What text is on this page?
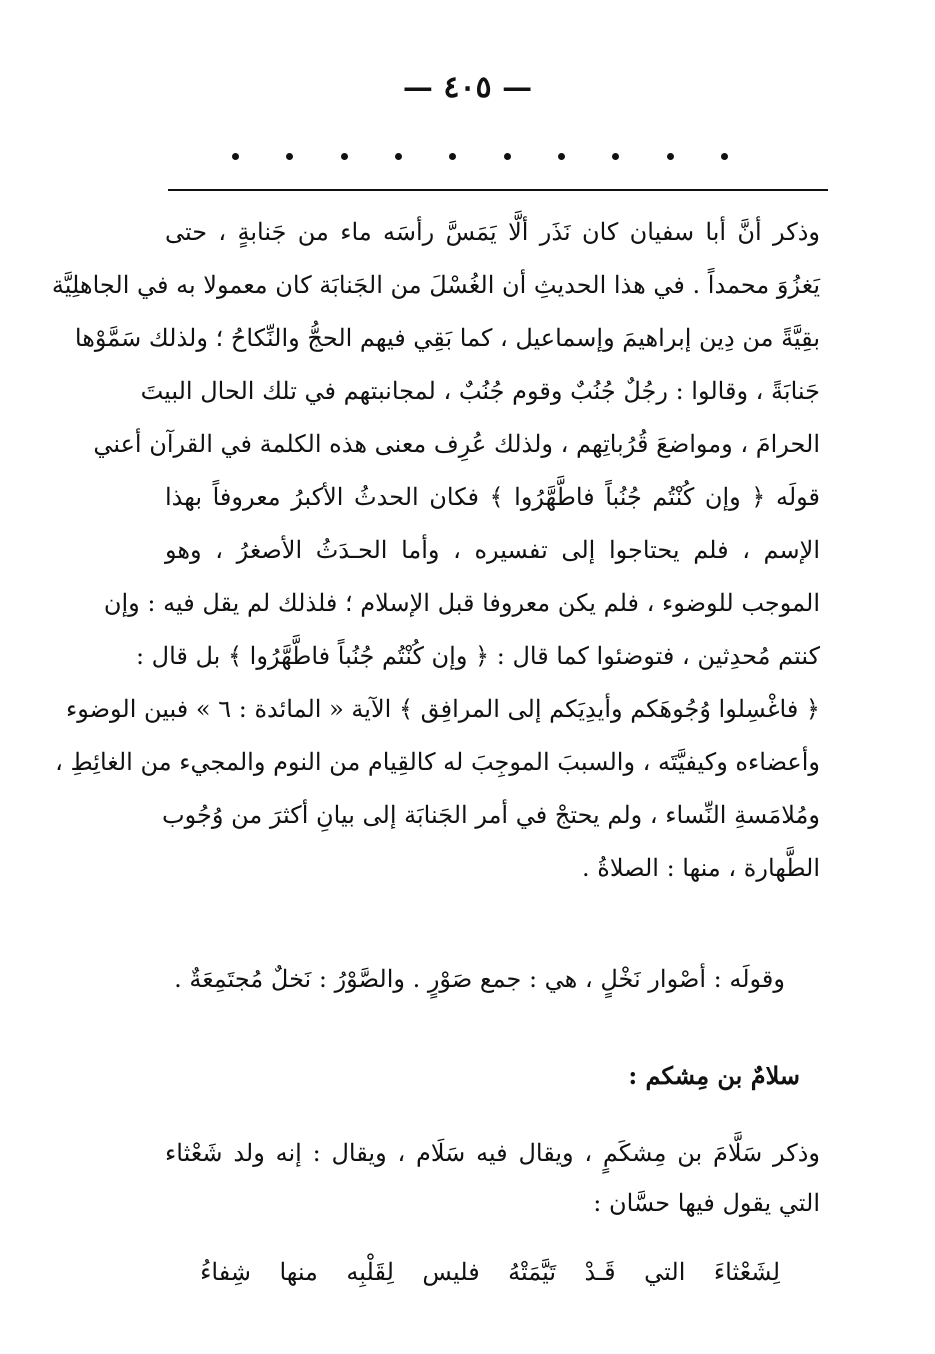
— ٤٠٥ —
وذكر أنَّ أبا سفيان كان نَذَر ألَّا يَمَسَّ رأسَه ماء من جَنابةٍ ، حتى
يَغزُوَ محمداً . في هذا الحديثِ أن الغُسْلَ من الجَنابَة كان معمولا به في الجاهلِيَّة
بقِيَّةً من دِين إبراهيمَ وإسماعيل ، كما بَقِي فيهم الحجُّ والنِّكاحُ ؛ ولذلك سَمَّوْها
جَنابَةً ، وقالوا : رجُلٌ جُنُبٌ وقوم جُنُبٌ ، لمجانبتهم في تلك الحال البيتَ
الحرامَ ، ومواضعَ قُرُباتِهم ، ولذلك عُرِف معنى هذه الكلمة في القرآن أعني
قولَه ﴿ وإن كُنْتُم جُنُباً فاطَّهَّرُوا ﴾ فكان الحدثُ الأكبرُ معروفاً بهذا
الإسم ، فلم يحتاجوا إلى تفسيره ، وأما الحـدَثُ الأصغرُ ، وهو
الموجب للوضوء ، فلم يكن معروفا قبل الإسلام ؛ فلذلك لم يقل فيه : وإن
كنتم مُحدِثين ، فتوضئوا كما قال : ﴿ وإن كُنْتُم جُنُباً فاطَّهَّرُوا ﴾ بل قال :
﴿ فاغْسِلوا وُجُوهَكم وأيدِيَكم إلى المرافِق ﴾ الآية « المائدة : ٦ » فبين الوضوء
وأعضاءه وكيفيَّتَه ، والسببَ الموجِبَ له كالقِيام من النوم والمجيء من الغائِطِ ،
ومُلامَسةِ النِّساء ، ولم يحتجْ في أمر الجَنابَة إلى بيانِ أكثرَ من وُجُوب
الطَّهارة ، منها : الصلاةُ .
وقولَه : أصْوار نَخْلٍ ، هي : جمع صَوْرٍ . والصَّوْرُ : نَخلٌ مُجتَمِعَةٌ .
سلامٌ بن مِشكم :
وذكر سَلَّامَ بن مِشكَمٍ ، ويقال فيه سَلَام ، ويقال : إنه ولد شَعْثاء
التي يقول فيها حسَّان :
لِشَعْثاءَ
التي
قَـدْ
تَيَّمَتْهُ
فليس
لِقَلْبِه
منها
شِفاءُ
